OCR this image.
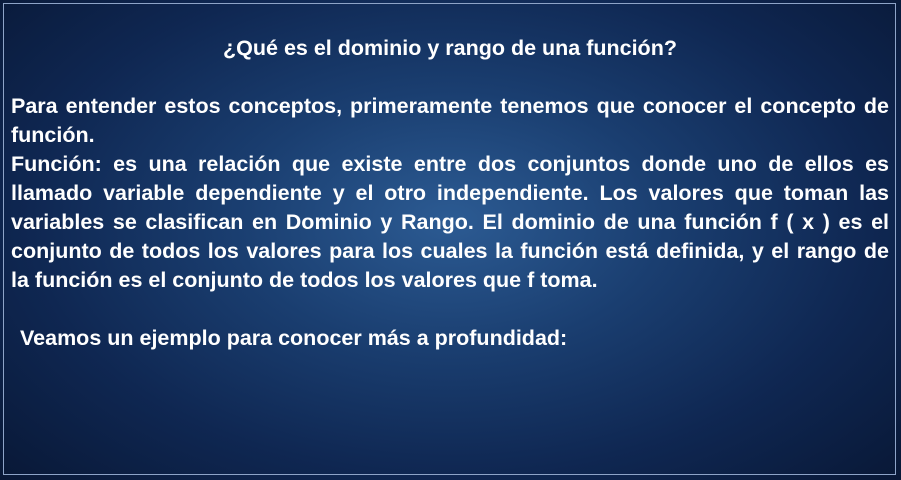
¿Qué es el dominio y rango de una función?

Para entender estos conceptos, primeramente tenemos que conocer el concepto de función.

Función: es una relación que existe entre dos conjuntos donde uno de ellos es llamado variable dependiente y el otro independiente. Los valores que toman las variables se clasifican en Dominio y Rango. El dominio de una función f ( x ) es el conjunto de todos los valores para los cuales la función está definida, y el rango de la función es el conjunto de todos los valores que f toma.

Veamos un ejemplo para conocer más a profundidad:
